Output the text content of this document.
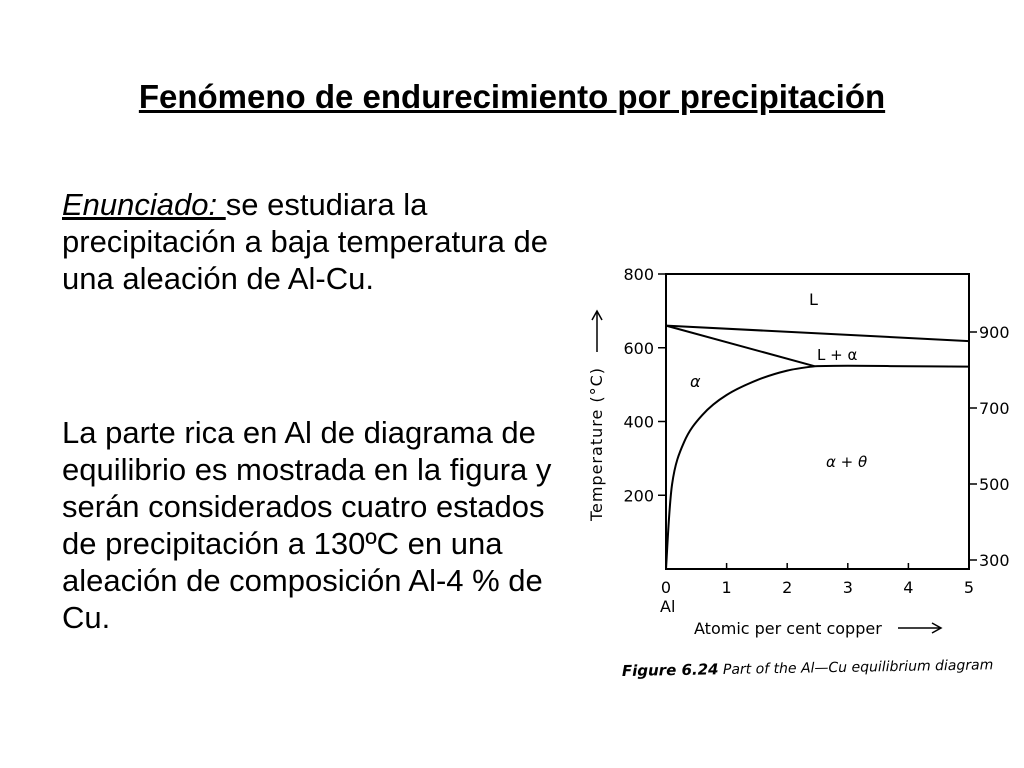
Fenómeno de endurecimiento por precipitación
Enunciado: se estudiara la precipitación a baja temperatura de una aleación de Al-Cu.
La parte rica en Al de diagrama de equilibrio es mostrada en la figura y serán considerados cuatro estados de precipitación a 130ºC en una aleación de composición Al-4 % de Cu.
200
400
600
800
0	1	2	3	4	5
300
500
700
900
Temperature (°C)
Al
Atomic per cent copper
L
L + α
α
α + θ
Figure 6.24 Part of the Al—Cu equilibrium diagram
